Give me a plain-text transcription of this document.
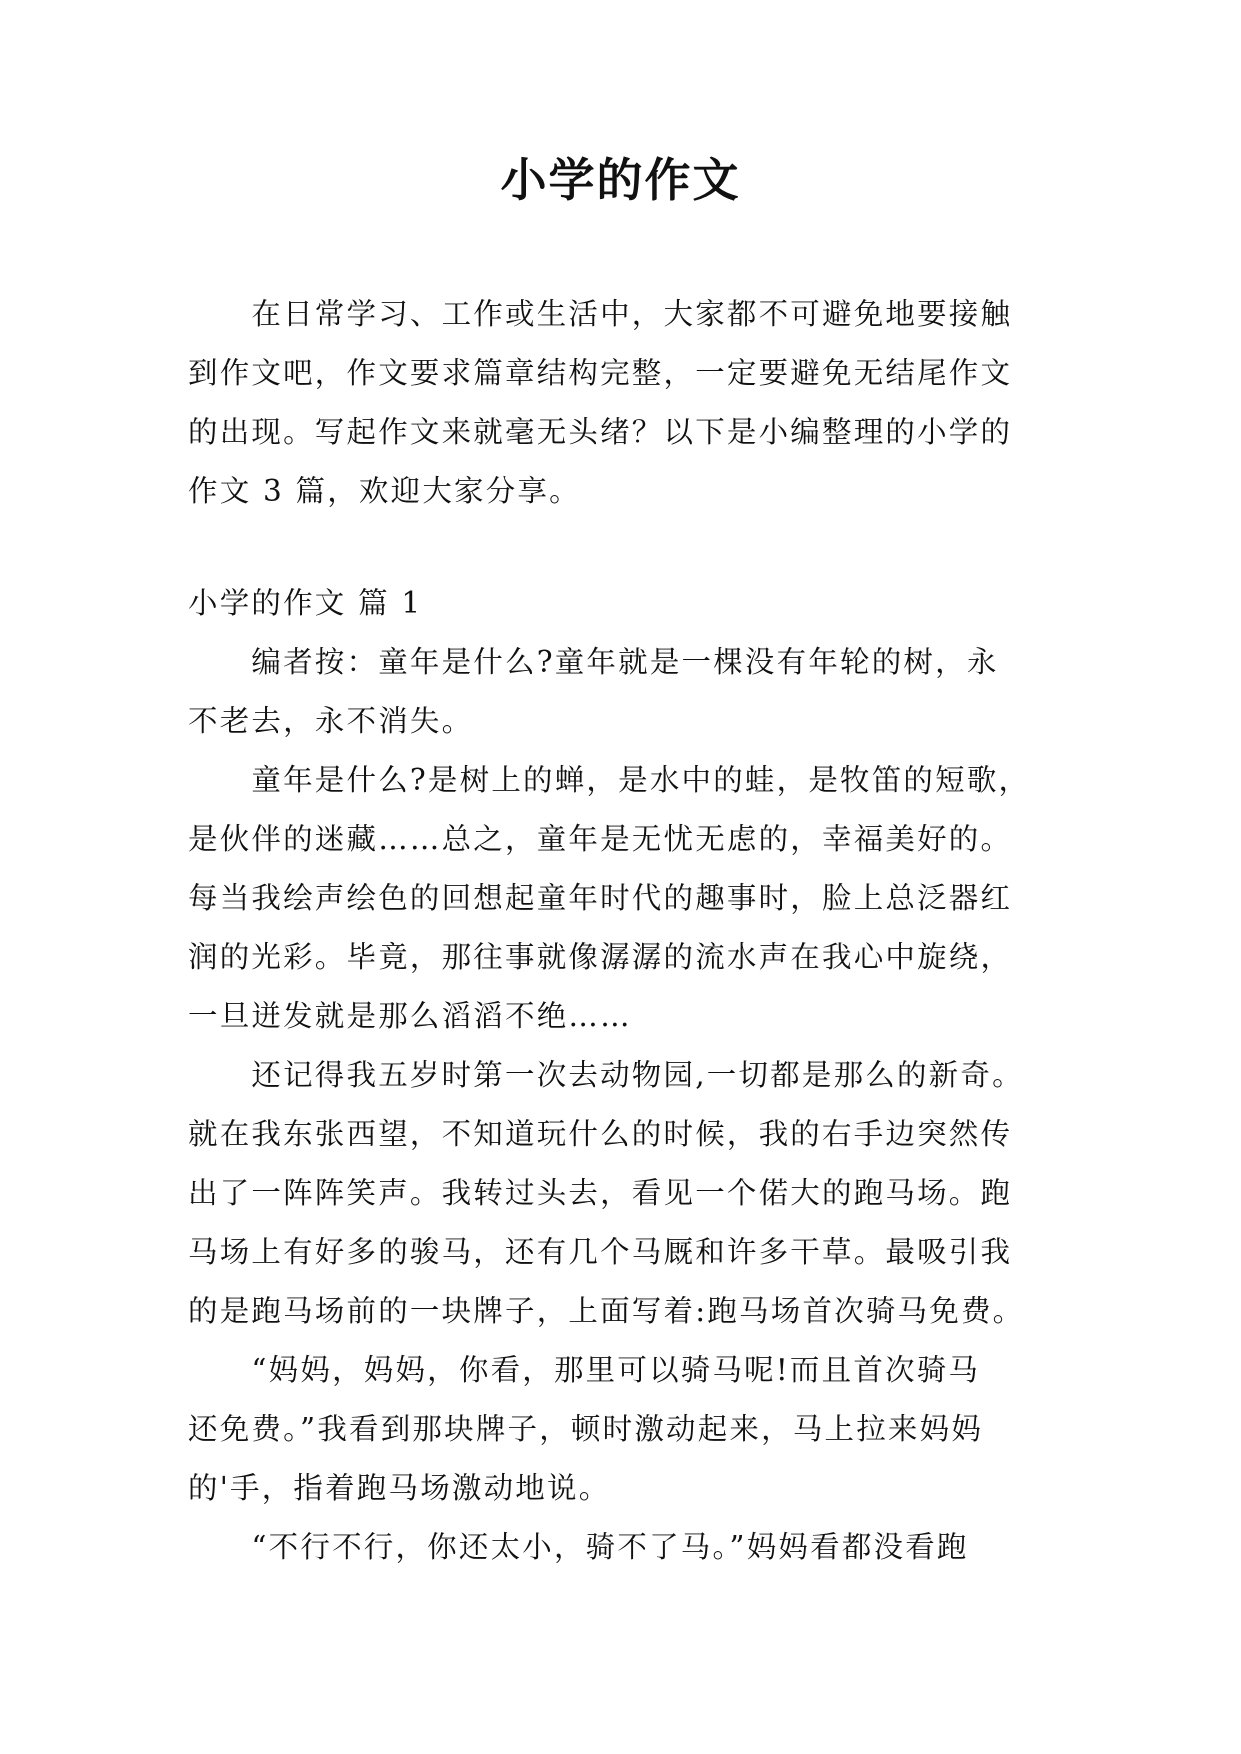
小学的作文
　　在日常学习、工作或生活中，大家都不可避免地要接触
到作文吧，作文要求篇章结构完整，一定要避免无结尾作文
的出现。写起作文来就毫无头绪？以下是小编整理的小学的
作文 3 篇，欢迎大家分享。
小学的作文 篇 1
　　编者按：童年是什么?童年就是一棵没有年轮的树，永
不老去，永不消失。
　　童年是什么?是树上的蝉，是水中的蛙，是牧笛的短歌，
是伙伴的迷藏……总之，童年是无忧无虑的，幸福美好的。
每当我绘声绘色的回想起童年时代的趣事时，脸上总泛器红
润的光彩。毕竟，那往事就像潺潺的流水声在我心中旋绕，
一旦迸发就是那么滔滔不绝……
　　还记得我五岁时第一次去动物园,一切都是那么的新奇。
就在我东张西望，不知道玩什么的时候，我的右手边突然传
出了一阵阵笑声。我转过头去，看见一个偌大的跑马场。跑
马场上有好多的骏马，还有几个马厩和许多干草。最吸引我
的是跑马场前的一块牌子，上面写着:跑马场首次骑马免费。
　　“妈妈，妈妈，你看，那里可以骑马呢!而且首次骑马
还免费。”我看到那块牌子，顿时激动起来，马上拉来妈妈
的'手，指着跑马场激动地说。
　　“不行不行，你还太小，骑不了马。”妈妈看都没看跑
